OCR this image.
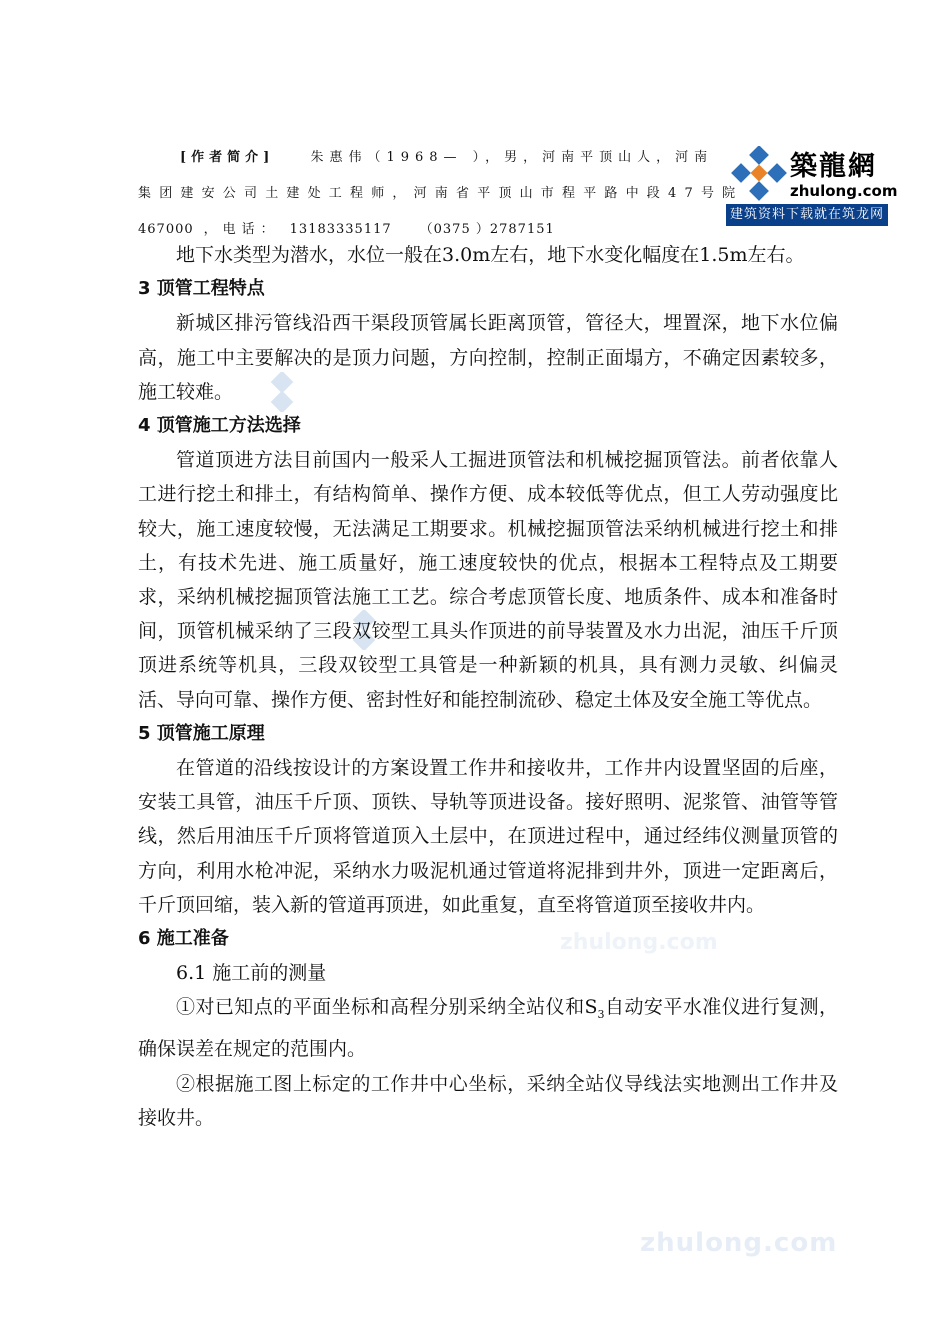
zhulong.com
zhulong.com
[作者简介]	朱惠伟（1968— ），男，河南平顶山人，河南
集团建安公司土建处工程师，河南省平顶山市程平路中段47号院
467000 ，电话： 13183335117 （0375 ）2787151
築龍網
zhulong.com
建筑资料下载就在筑龙网

地下水类型为潜水，水位一般在3.0m左右，地下水变化幅度在1.5m左右。

3 顶管工程特点

新城区排污管线沿西干渠段顶管属长距离顶管，管径大，埋置深，地下水位偏高，施工中主要解决的是顶力问题，方向控制，控制正面塌方，不确定因素较多，施工较难。

4 顶管施工方法选择

管道顶进方法目前国内一般采人工掘进顶管法和机械挖掘顶管法。前者依靠人工进行挖土和排土，有结构简单、操作方便、成本较低等优点，但工人劳动强度比较大，施工速度较慢，无法满足工期要求。机械挖掘顶管法采纳机械进行挖土和排土，有技术先进、施工质量好，施工速度较快的优点，根据本工程特点及工期要求，采纳机械挖掘顶管法施工工艺。综合考虑顶管长度、地质条件、成本和准备时间，顶管机械采纳了三段双铰型工具头作顶进的前导装置及水力出泥，油压千斤顶顶进系统等机具，三段双铰型工具管是一种新颖的机具，具有测力灵敏、纠偏灵活、导向可靠、操作方便、密封性好和能控制流砂、稳定土体及安全施工等优点。

5 顶管施工原理

在管道的沿线按设计的方案设置工作井和接收井，工作井内设置坚固的后座，安装工具管，油压千斤顶、顶铁、导轨等顶进设备。接好照明、泥浆管、油管等管线，然后用油压千斤顶将管道顶入土层中，在顶进过程中，通过经纬仪测量顶管的方向，利用水枪冲泥，采纳水力吸泥机通过管道将泥排到井外，顶进一定距离后，千斤顶回缩，装入新的管道再顶进，如此重复，直至将管道顶至接收井内。

6 施工准备

6.1 施工前的测量

①对已知点的平面坐标和高程分别采纳全站仪和$S_3$自动安平水准仪进行复测，确保误差在规定的范围内。

②根据施工图上标定的工作井中心坐标，采纳全站仪导线法实地测出工作井及接收井。
